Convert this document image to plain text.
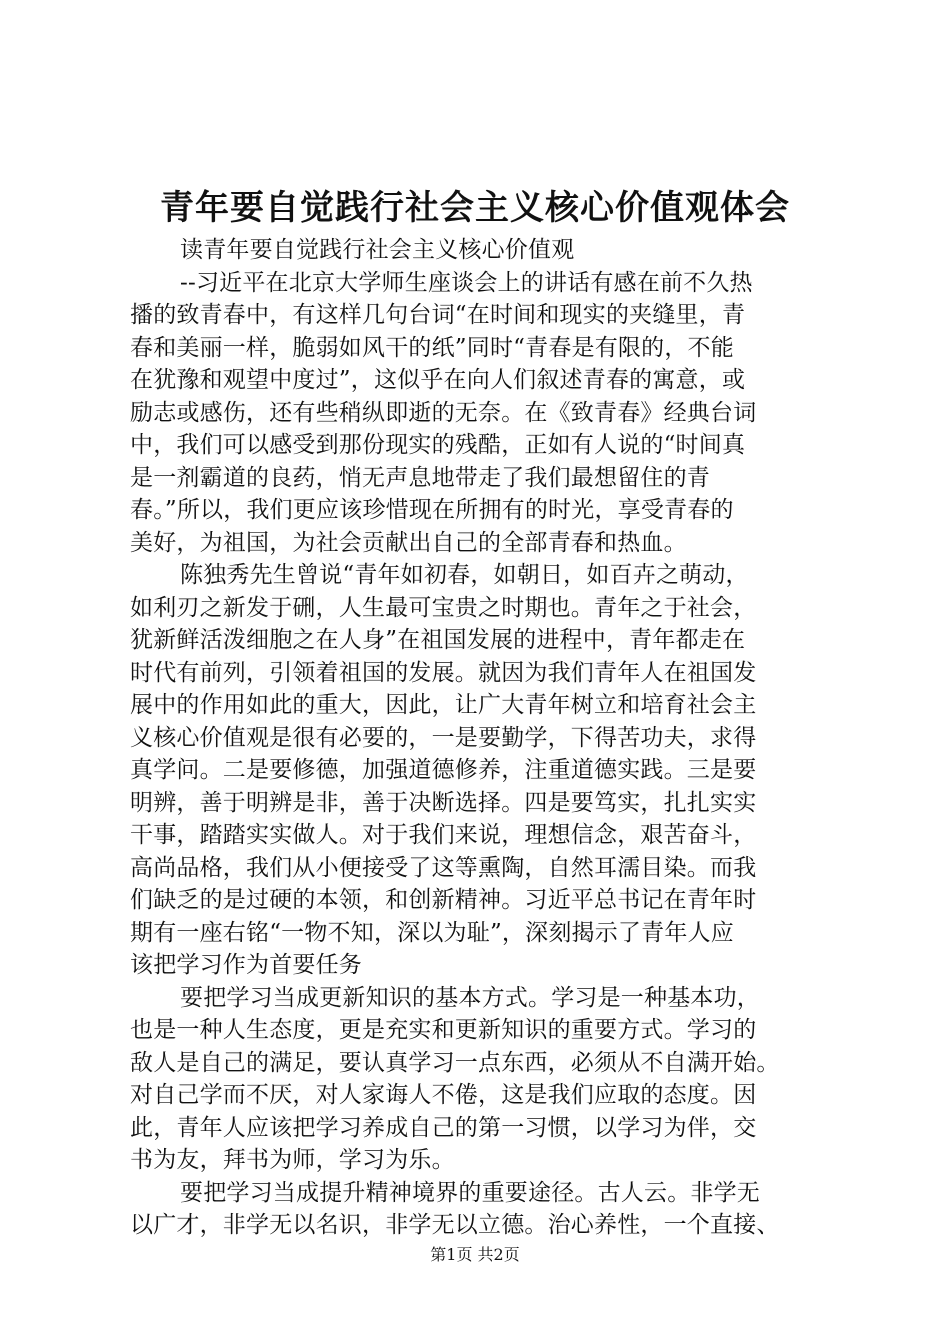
青年要自觉践行社会主义核心价值观体会
读青年要自觉践行社会主义核心价值观
--习近平在北京大学师生座谈会上的讲话有感在前不久热
播的致青春中，有这样几句台词“在时间和现实的夹缝里，青
春和美丽一样，脆弱如风干的纸”同时“青春是有限的，不能
在犹豫和观望中度过”，这似乎在向人们叙述青春的寓意，或
励志或感伤，还有些稍纵即逝的无奈。在《致青春》经典台词
中，我们可以感受到那份现实的残酷，正如有人说的“时间真
是一剂霸道的良药，悄无声息地带走了我们最想留住的青
春。”所以，我们更应该珍惜现在所拥有的时光，享受青春的
美好，为祖国，为社会贡献出自己的全部青春和热血。
陈独秀先生曾说“青年如初春，如朝日，如百卉之萌动，
如利刃之新发于硎，人生最可宝贵之时期也。青年之于社会，
犹新鲜活泼细胞之在人身”在祖国发展的进程中，青年都走在
时代有前列，引领着祖国的发展。就因为我们青年人在祖国发
展中的作用如此的重大，因此，让广大青年树立和培育社会主
义核心价值观是很有必要的，一是要勤学，下得苦功夫，求得
真学问。二是要修德，加强道德修养，注重道德实践。三是要
明辨，善于明辨是非，善于决断选择。四是要笃实，扎扎实实
干事，踏踏实实做人。对于我们来说，理想信念，艰苦奋斗，
高尚品格，我们从小便接受了这等熏陶，自然耳濡目染。而我
们缺乏的是过硬的本领，和创新精神。习近平总书记在青年时
期有一座右铭“一物不知，深以为耻”，深刻揭示了青年人应
该把学习作为首要任务
要把学习当成更新知识的基本方式。学习是一种基本功，
也是一种人生态度，更是充实和更新知识的重要方式。学习的
敌人是自己的满足，要认真学习一点东西，必须从不自满开始。
对自己学而不厌，对人家诲人不倦，这是我们应取的态度。因
此，青年人应该把学习养成自己的第一习惯，以学习为伴，交
书为友，拜书为师，学习为乐。
要把学习当成提升精神境界的重要途径。古人云。非学无
以广才，非学无以名识，非学无以立德。治心养性，一个直接、
第1页 共2页
